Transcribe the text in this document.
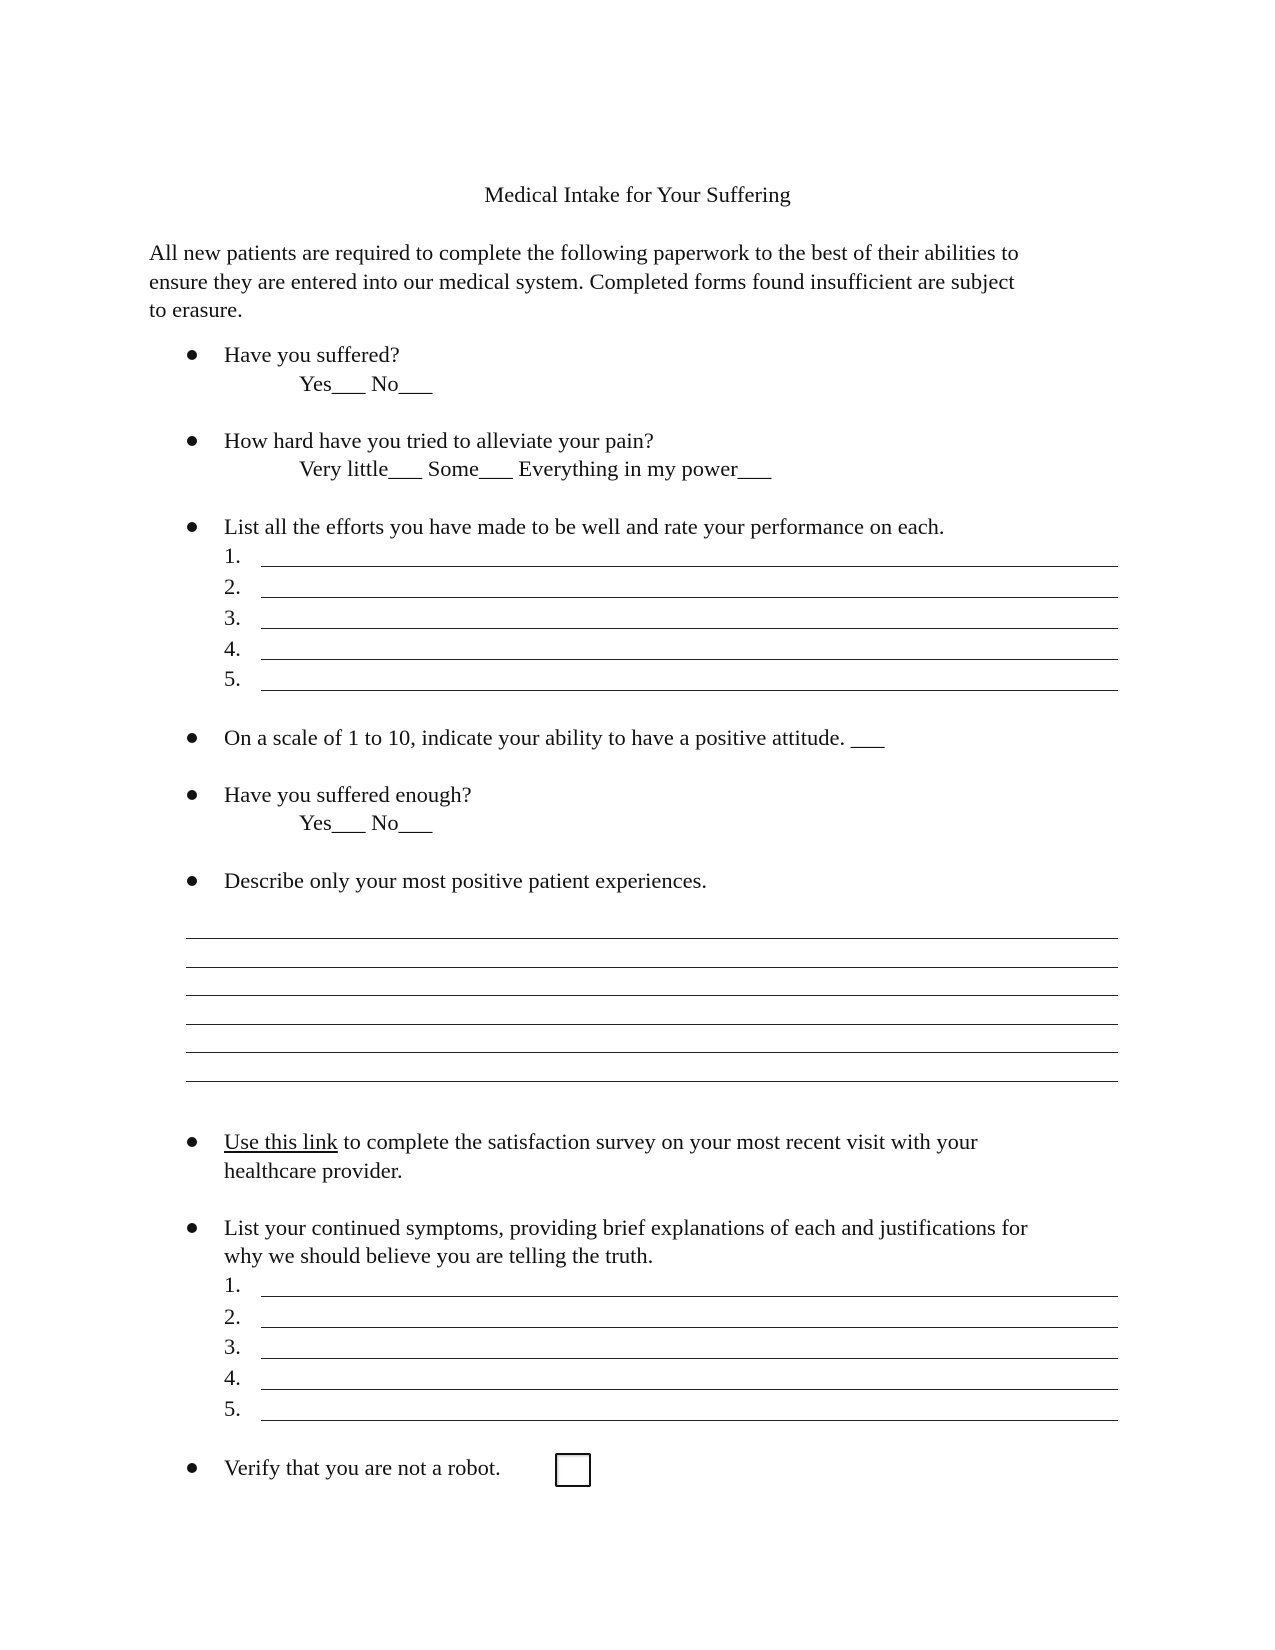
Medical Intake for Your Suffering
All new patients are required to complete the following paperwork to the best of their abilities to
ensure they are entered into our medical system. Completed forms found insufficient are subject
to erasure.
Have you suffered?
Yes___ No___
How hard have you tried to alleviate your pain?
Very little___ Some___ Everything in my power___
List all the efforts you have made to be well and rate your performance on each.
1.
2.
3.
4.
5.
On a scale of 1 to 10, indicate your ability to have a positive attitude. ___
Have you suffered enough?
Yes___ No___
Describe only your most positive patient experiences.
Use this link to complete the satisfaction survey on your most recent visit with your
healthcare provider.
List your continued symptoms, providing brief explanations of each and justifications for
why we should believe you are telling the truth.
1.
2.
3.
4.
5.
Verify that you are not a robot.
